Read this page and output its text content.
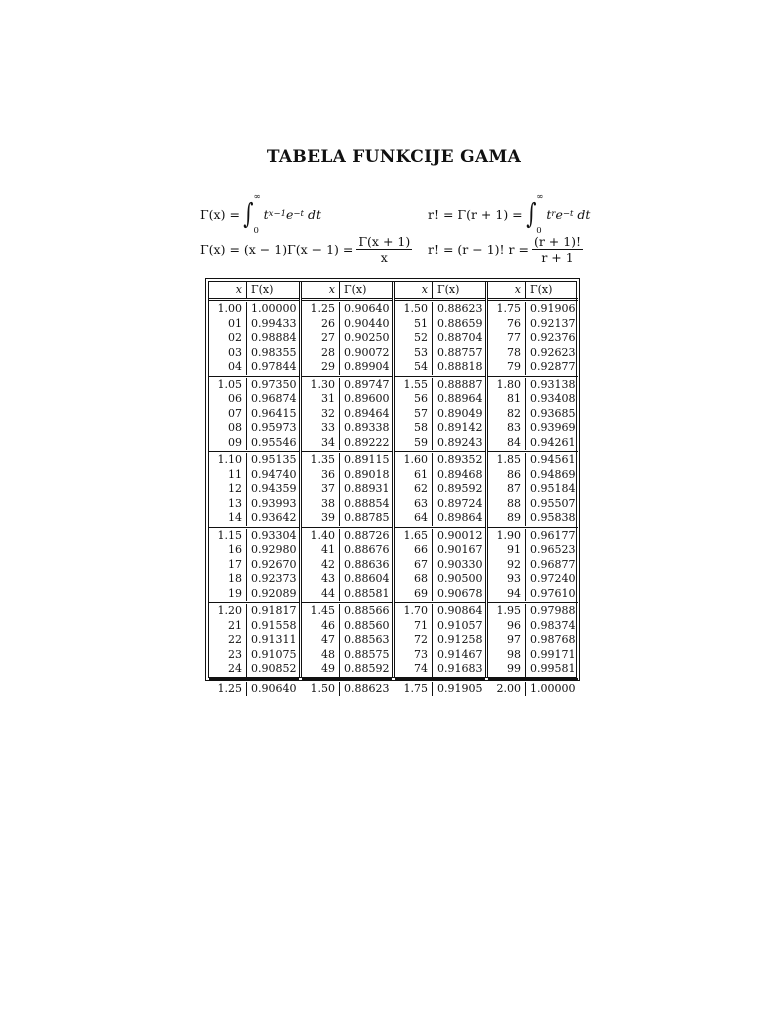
TABELA FUNKCIJE GAMA
Γ(x) = ∫ ∞
0
t x−1 e −t dt	r! = Γ(r + 1) = ∫ ∞
0
t r e −t dt
$\Gamma(x) = (x - 1)\Gamma(x - 1) = \frac{\Gamma(x + 1)}{x} r$! = (r − 1)! $r = \frac{(r + 1)!}{r + 1}$
x Γ(x)
1.00 1.00000
01 0.99433
02 0.98884
03 0.98355
04 0.97844
1.05 0.97350
06 0.96874
07 0.96415
08 0.95973
09 0.95546
1.10 0.95135
11 0.94740
12 0.94359
13 0.93993
14 0.93642
1.15 0.93304
16 0.92980
17 0.92670
18 0.92373
19 0.92089
1.20 0.91817
21 0.91558
22 0.91311
23 0.91075
24 0.90852
1.25 0.90640
x Γ(x)
1.25 0.90640
26 0.90440
27 0.90250
28 0.90072
29 0.89904
1.30 0.89747
31 0.89600
32 0.89464
33 0.89338
34 0.89222
1.35 0.89115
36 0.89018
37 0.88931
38 0.88854
39 0.88785
1.40 0.88726
41 0.88676
42 0.88636
43 0.88604
44 0.88581
1.45 0.88566
46 0.88560
47 0.88563
48 0.88575
49 0.88592
1.50 0.88623
x Γ(x)
1.50 0.88623
51 0.88659
52 0.88704
53 0.88757
54 0.88818
1.55 0.88887
56 0.88964
57 0.89049
58 0.89142
59 0.89243
1.60 0.89352
61 0.89468
62 0.89592
63 0.89724
64 0.89864
1.65 0.90012
66 0.90167
67 0.90330
68 0.90500
69 0.90678
1.70 0.90864
71 0.91057
72 0.91258
73 0.91467
74 0.91683
1.75 0.91905
x Γ(x)
1.75 0.91906
76 0.92137
77 0.92376
78 0.92623
79 0.92877
1.80 0.93138
81 0.93408
82 0.93685
83 0.93969
84 0.94261
1.85 0.94561
86 0.94869
87 0.95184
88 0.95507
89 0.95838
1.90 0.96177
91 0.96523
92 0.96877
93 0.97240
94 0.97610
1.95 0.97988
96 0.98374
97 0.98768
98 0.99171
99 0.99581
2.00 1.00000
